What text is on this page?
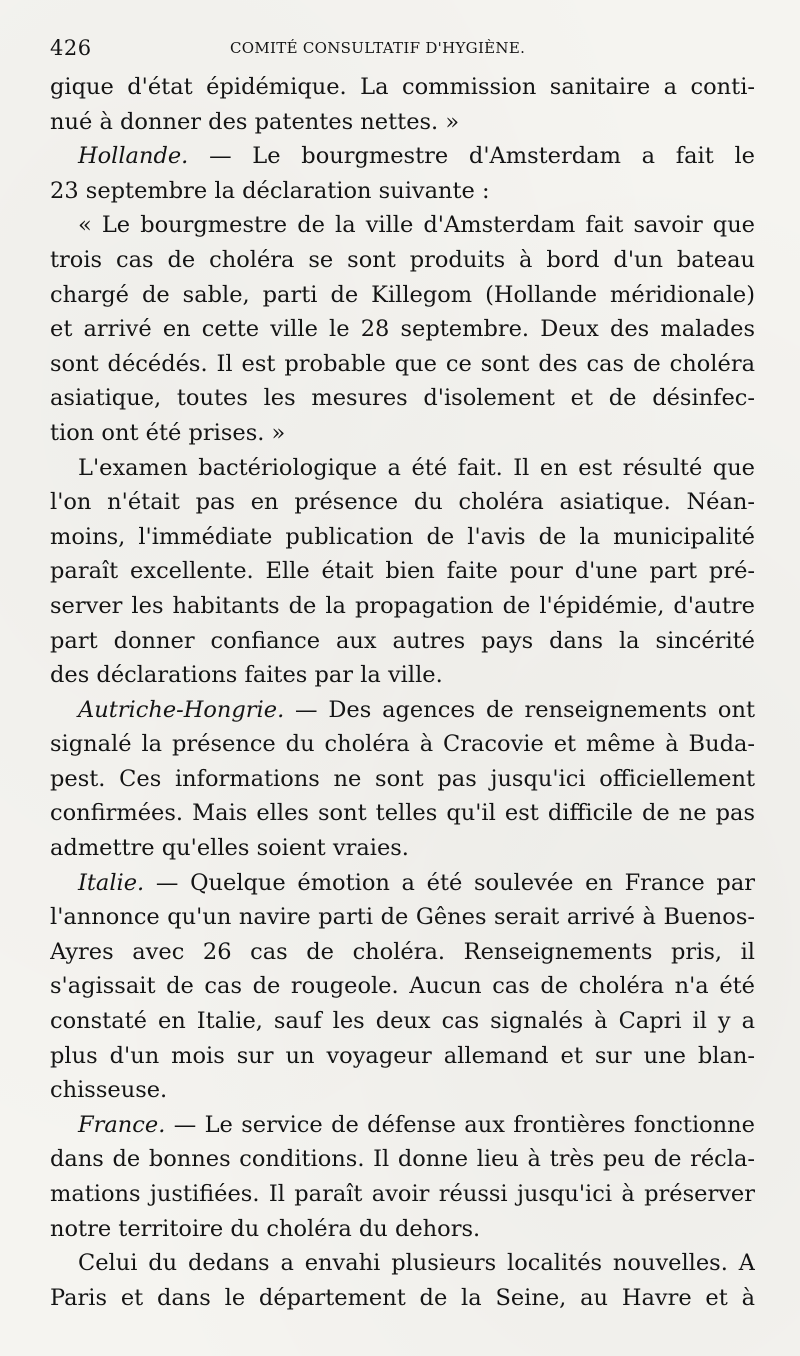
426	COMITÉ CONSULTATIF D'HYGIÈNE.
gique d'état épidémique. La commission sanitaire a conti-
nué à donner des patentes nettes. »
Hollande. — Le bourgmestre d'Amsterdam a fait le
23 septembre la déclaration suivante :
« Le bourgmestre de la ville d'Amsterdam fait savoir que
trois cas de choléra se sont produits à bord d'un bateau
chargé de sable, parti de Killegom (Hollande méridionale)
et arrivé en cette ville le 28 septembre. Deux des malades
sont décédés. Il est probable que ce sont des cas de choléra
asiatique, toutes les mesures d'isolement et de désinfec-
tion ont été prises. »
L'examen bactériologique a été fait. Il en est résulté que
l'on n'était pas en présence du choléra asiatique. Néan-
moins, l'immédiate publication de l'avis de la municipalité
paraît excellente. Elle était bien faite pour d'une part pré-
server les habitants de la propagation de l'épidémie, d'autre
part donner confiance aux autres pays dans la sincérité
des déclarations faites par la ville.
Autriche-Hongrie. — Des agences de renseignements ont
signalé la présence du choléra à Cracovie et même à Buda-
pest. Ces informations ne sont pas jusqu'ici officiellement
confirmées. Mais elles sont telles qu'il est difficile de ne pas
admettre qu'elles soient vraies.
Italie. — Quelque émotion a été soulevée en France par
l'annonce qu'un navire parti de Gênes serait arrivé à Buenos-
Ayres avec 26 cas de choléra. Renseignements pris, il
s'agissait de cas de rougeole. Aucun cas de choléra n'a été
constaté en Italie, sauf les deux cas signalés à Capri il y a
plus d'un mois sur un voyageur allemand et sur une blan-
chisseuse.
France. — Le service de défense aux frontières fonctionne
dans de bonnes conditions. Il donne lieu à très peu de récla-
mations justifiées. Il paraît avoir réussi jusqu'ici à préserver
notre territoire du choléra du dehors.
Celui du dedans a envahi plusieurs localités nouvelles. A
Paris et dans le département de la Seine, au Havre et à
